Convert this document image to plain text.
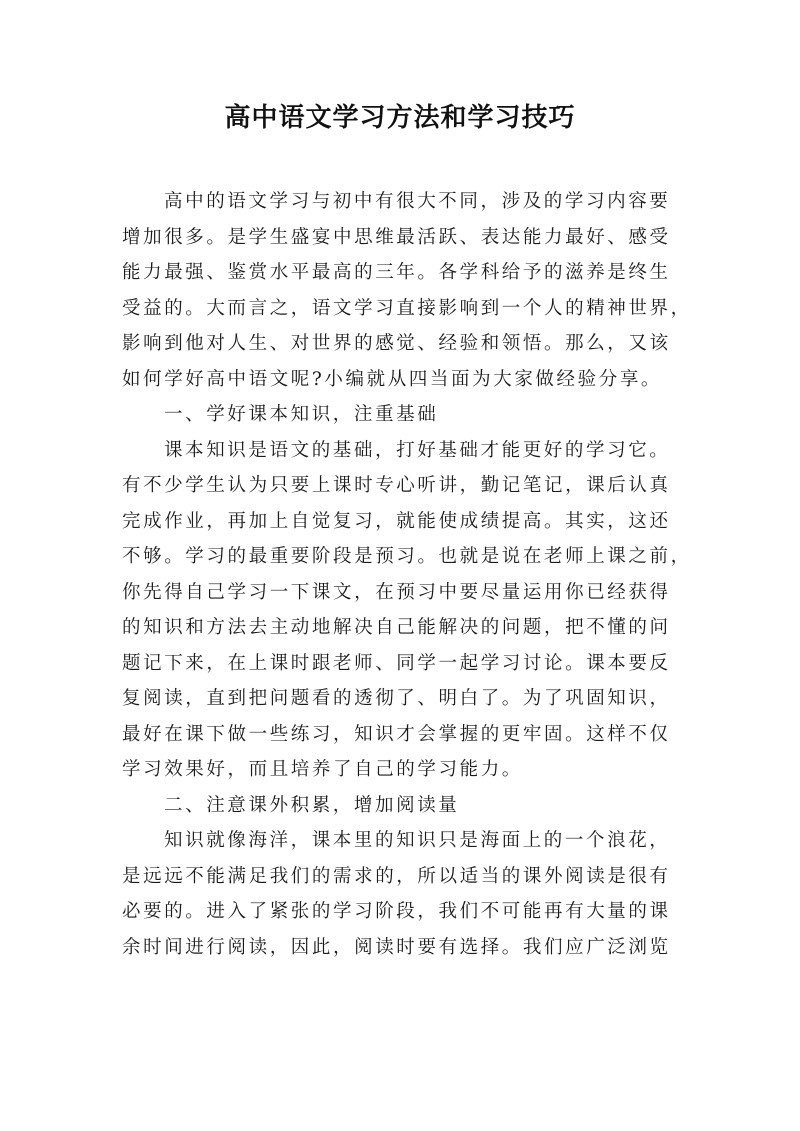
高中语文学习方法和学习技巧
高中的语文学习与初中有很大不同，涉及的学习内容要
增加很多。是学生盛宴中思维最活跃、表达能力最好、感受
能力最强、鉴赏水平最高的三年。各学科给予的滋养是终生
受益的。大而言之，语文学习直接影响到一个人的精神世界，
影响到他对人生、对世界的感觉、经验和领悟。那么，又该
如何学好高中语文呢?小编就从四当面为大家做经验分享。
一、学好课本知识，注重基础
课本知识是语文的基础，打好基础才能更好的学习它。
有不少学生认为只要上课时专心听讲，勤记笔记，课后认真
完成作业，再加上自觉复习，就能使成绩提高。其实，这还
不够。学习的最重要阶段是预习。也就是说在老师上课之前，
你先得自己学习一下课文，在预习中要尽量运用你已经获得
的知识和方法去主动地解决自己能解决的问题，把不懂的问
题记下来，在上课时跟老师、同学一起学习讨论。课本要反
复阅读，直到把问题看的透彻了、明白了。为了巩固知识，
最好在课下做一些练习，知识才会掌握的更牢固。这样不仅
学习效果好，而且培养了自己的学习能力。
二、注意课外积累，增加阅读量
知识就像海洋，课本里的知识只是海面上的一个浪花，
是远远不能满足我们的需求的，所以适当的课外阅读是很有
必要的。进入了紧张的学习阶段，我们不可能再有大量的课
余时间进行阅读，因此，阅读时要有选择。我们应广泛浏览
